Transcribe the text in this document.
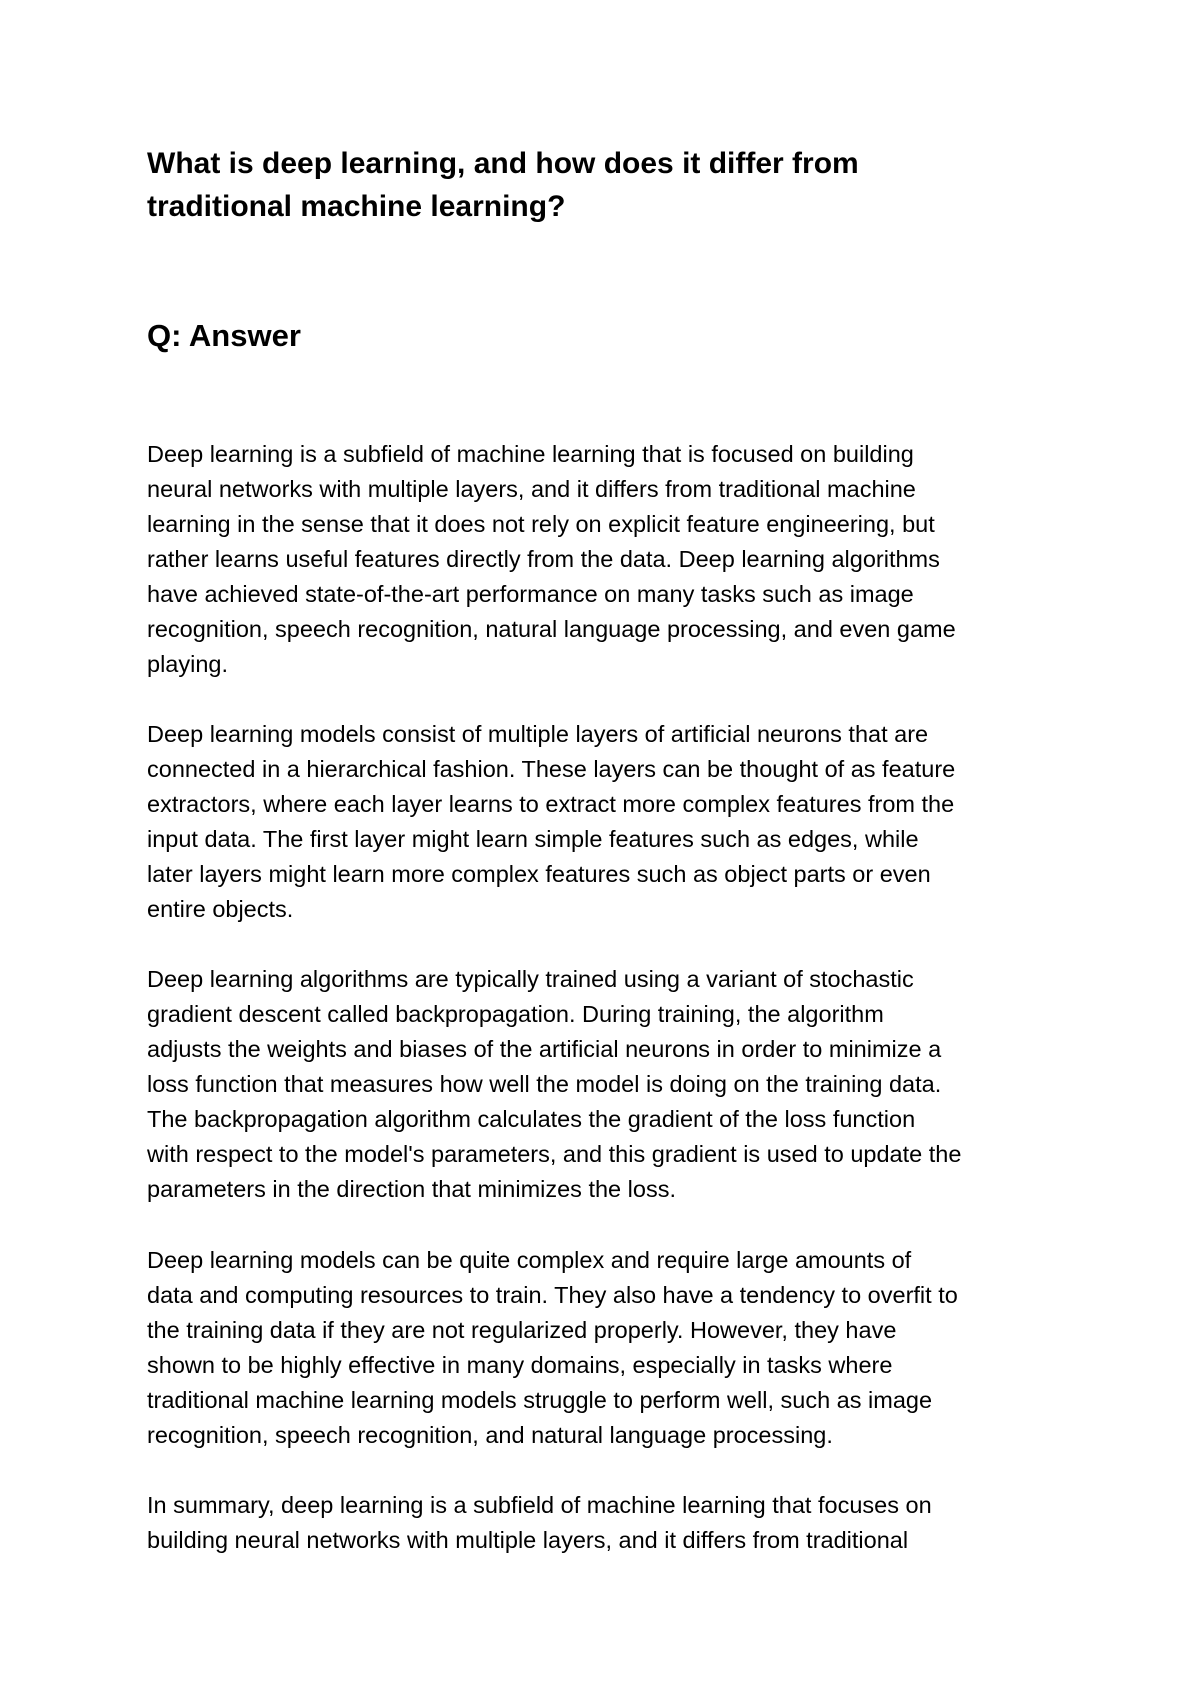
What is deep learning, and how does it differ from
traditional machine learning?
Q: Answer

Deep learning is a subfield of machine learning that is focused on building
neural networks with multiple layers, and it differs from traditional machine
learning in the sense that it does not rely on explicit feature engineering, but
rather learns useful features directly from the data. Deep learning algorithms
have achieved state-of-the-art performance on many tasks such as image
recognition, speech recognition, natural language processing, and even game
playing.

Deep learning models consist of multiple layers of artificial neurons that are
connected in a hierarchical fashion. These layers can be thought of as feature
extractors, where each layer learns to extract more complex features from the
input data. The first layer might learn simple features such as edges, while
later layers might learn more complex features such as object parts or even
entire objects.

Deep learning algorithms are typically trained using a variant of stochastic
gradient descent called backpropagation. During training, the algorithm
adjusts the weights and biases of the artificial neurons in order to minimize a
loss function that measures how well the model is doing on the training data.
The backpropagation algorithm calculates the gradient of the loss function
with respect to the model's parameters, and this gradient is used to update the
parameters in the direction that minimizes the loss.

Deep learning models can be quite complex and require large amounts of
data and computing resources to train. They also have a tendency to overfit to
the training data if they are not regularized properly. However, they have
shown to be highly effective in many domains, especially in tasks where
traditional machine learning models struggle to perform well, such as image
recognition, speech recognition, and natural language processing.

In summary, deep learning is a subfield of machine learning that focuses on
building neural networks with multiple layers, and it differs from traditional
